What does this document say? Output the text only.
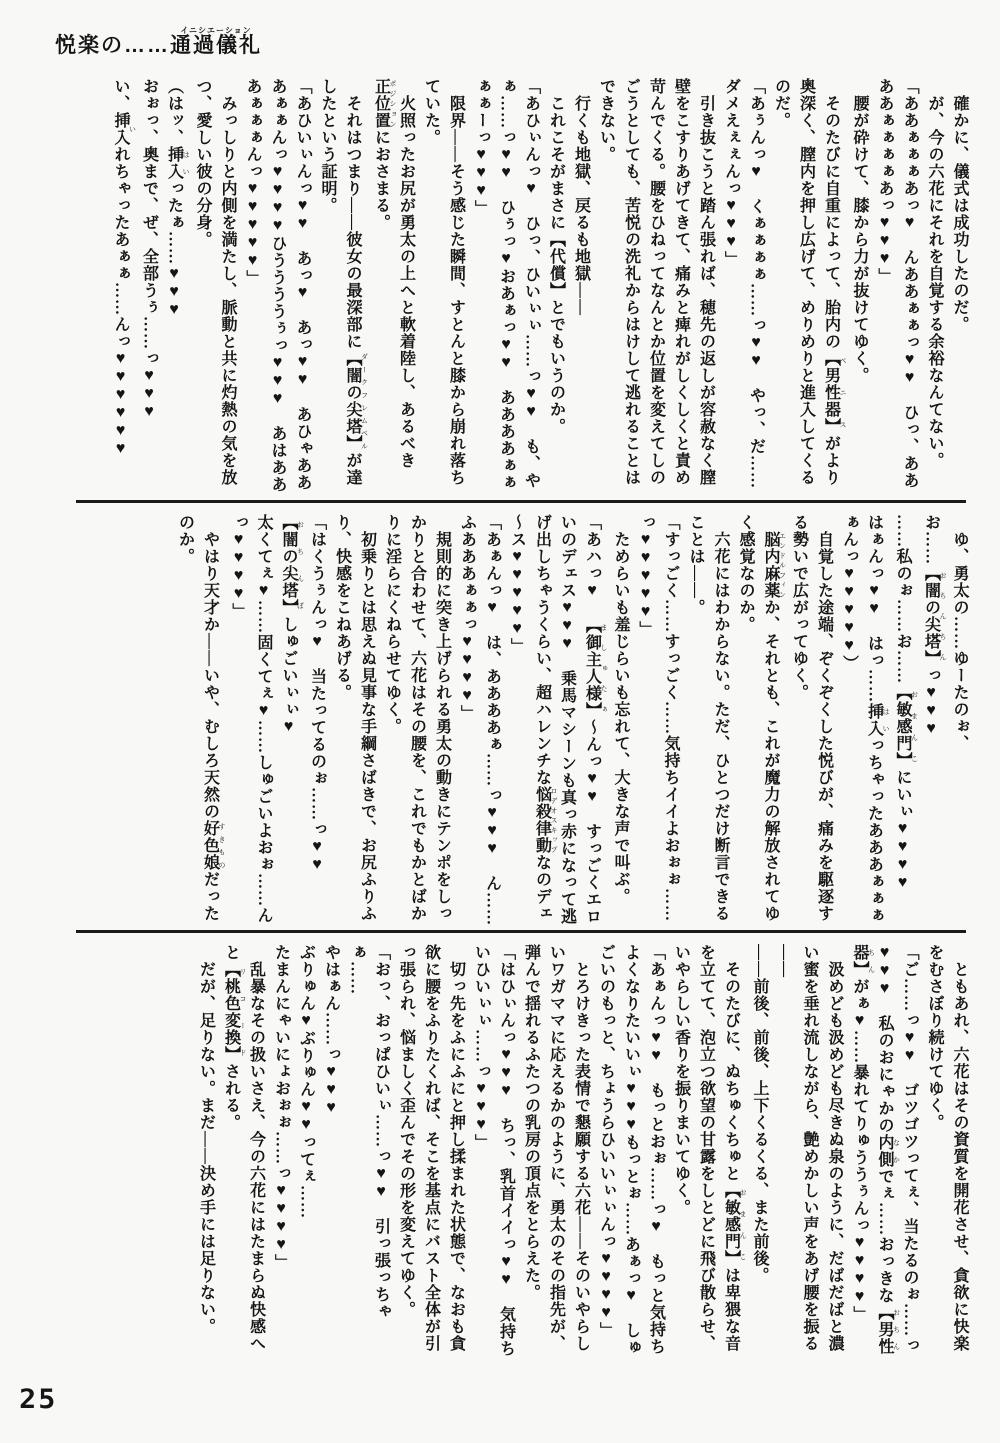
悦楽の……通過儀礼イニシエーション

　確かに、儀式は成功したのだ。

　が、今の六花にそれを自覚する余裕なんてない。

「ああぁぁぁあっ♥　んああぁぁっ♥♥　ひっ、ああああぁぁぁぁあっ♥♥♥」

　腰が砕けて、膝から力が抜けてゆく。

　そのたびに自重によって、胎内の【男性器】 ペニスがより奥深く、膣内を押し広げて、めりめりと進入してくるのだ。

「あぅんっ♥　くぁぁぁぁ……っ♥♥　やっ、だ……ダメえぇぇんっ♥♥♥」

　引き抜こうと踏ん張れば、穂先の返しが容赦なく膣壁をこすりあげてきて、痛みと痺れがしくしくと責め苛んでくる。腰をひねってなんとか位置を変えてしのごうとしても、苦悦の洗礼からはけして逃れることはできない。

　行くも地獄、戻るも地獄――

　これこそがまさに【代償】とでもいうのか。

「あひぃんっ♥　ひっ、ひいぃぃ……っ♥♥　も、やぁ……っ♥♥　ひぅっ♥おあぁっ♥♥　ああああぁぁぁぁーっ♥♥♥」

　限界――そう感じた瞬間、すとんと膝から崩れ落ちていた。

　火照ったお尻が勇太の上へと軟着陸し、あるべき正位置 ポジションにおさまる。

　それはつまり――彼女の最深部に【闇の尖塔】 ダークフレムベルが達したという証明。

「あひいぃんっ♥♥　あっ♥　あっ♥♥　あひゃあああぁぁんっ♥♥♥♥ひううううぅっ♥♥♥　あはあああぁぁぁんっ♥♥♥♥♥」

　みっしりと内側を満たし、脈動と共に灼熱の気を放つ、愛しい彼の分身。

（はッ、挿入 はいったぁ……♥♥♥

おぉっ、奥まで、ぜ、全部うぅ……っ♥♥♥

い、挿入 いれちゃったあぁぁ……んっ♥♥♥♥♥♥

　ゆ、勇太の……ゆーたのぉ、

お……【闇の尖塔】 おちんちんっ♥♥♥

……私のぉ……お……【敏感門】 おまんこにいぃ♥♥♥♥

はぁんっ♥♥　はっ……挿入 はいっちゃったあああぁぁぁぁんっ♥♥♥♥♥）

　自覚した途端、ぞくぞくした悦びが、痛みを駆逐する勢いで広がってゆく。

　脳内麻薬 エンドルフィンか、それとも、これが魔力の解放されてゆく感覚なのか。

　六花にはわからない。ただ、ひとつだけ断言できることは――。

「すっごく……すっごく……気持ちイイよおぉぉ……っ♥♥♥♥♥」

　ためらいも羞じらいも忘れて、大きな声で叫ぶ。

「あハっ♥　【御主人様】 ましゅたぁ～んっ♥♥　すっごくエロいのデェス♥♥♥　乗馬マシーンも真っ赤になって逃げ出しちゃうくらい、超ハレンチな悩殺律動 ロデオスキップなのデェ～ス♥♥♥♥♥」

「あぁんっ♥　は、ああああぁ……っ♥♥♥　ん……ふあああぁぁっ♥♥♥♥」

　規則的に突き上げられる勇太の動きにテンポをしっかりと合わせて、六花はその腰を、これでもかとばかりに淫らにくねらせてゆく。

　初乗りとは思えぬ見事な手綱さばきで、お尻ふりふり、快感をこねあげる。

「はくうぅんっ♥　当たってるのぉ……っ♥♥

【闇の尖塔】 おちんぼしゅごいぃぃ♥

太くてぇ♥……固くてぇ♥……しゅごいよおぉ……んっ♥♥♥♥」

　やはり天才か――いや、むしろ天然の好色娘 すきものだったのか。

　ともあれ、六花はその資質を開花させ、貪欲に快楽をむさぼり続けてゆく。

「ご……っ♥♥　ゴツゴツってぇ、当たるのぉ……っ♥♥♥　私のおにゃかの内側 なかでぇ……おっきな【男性器】おちんちんがぁ♥……暴れてりゅううぅんっ♥♥♥♥」

　汲めども汲めども尽きぬ泉のように、だばだばと濃い蜜を垂れ流しながら、艶めかしい声をあげ腰を振る――

――前後、前後、上下くるくる、また前後。

　そのたびに、ぬちゅくちゅと【敏感門】 おまんこは卑猥な音を立てて、泡立つ欲望の甘露をしとどに飛び散らせ、いやらしい香りを振りまいてゆく。

「あぁんっ♥♥　もっとおぉ……っ♥　もっと気持ちよくなりたいいぃ♥♥♥もっとぉ……あぁっ♥　しゅごいのもっと、ちょうらひいいぃぃんっ♥♥♥♥」

　とろけきった表情で懇願する六花――そのいやらしいワガママに応えるかのように、勇太のその指先が、弾んで揺れるふたつの乳房の頂点をとらえた。

「はひぃんっ♥♥♥　ちっ、乳首イイっ♥♥　気持ちいひいぃぃ……っ♥♥♥」

　切っ先をふにふにと押し揉まれた状態で、なおも貪欲に腰をふりたくれば、そこを基点にバスト全体が引っ張られ、悩ましく歪んでその形を変えてゆく。

「おっ、おっぱひいぃ……っ♥♥　引っ張っちゃぁ……

やはぁん……っ♥♥♥

ぶりゅん♥ぶりゅん♥♥ってぇ……

たまんにゃいにょおぉぉ……っ♥♥♥♥」

　乱暴なその扱いさえ、今の六花にはたまらぬ快感へと【桃色変換】 リコードされる。

　だが、足りない。まだ――決め手には足りない。

25
